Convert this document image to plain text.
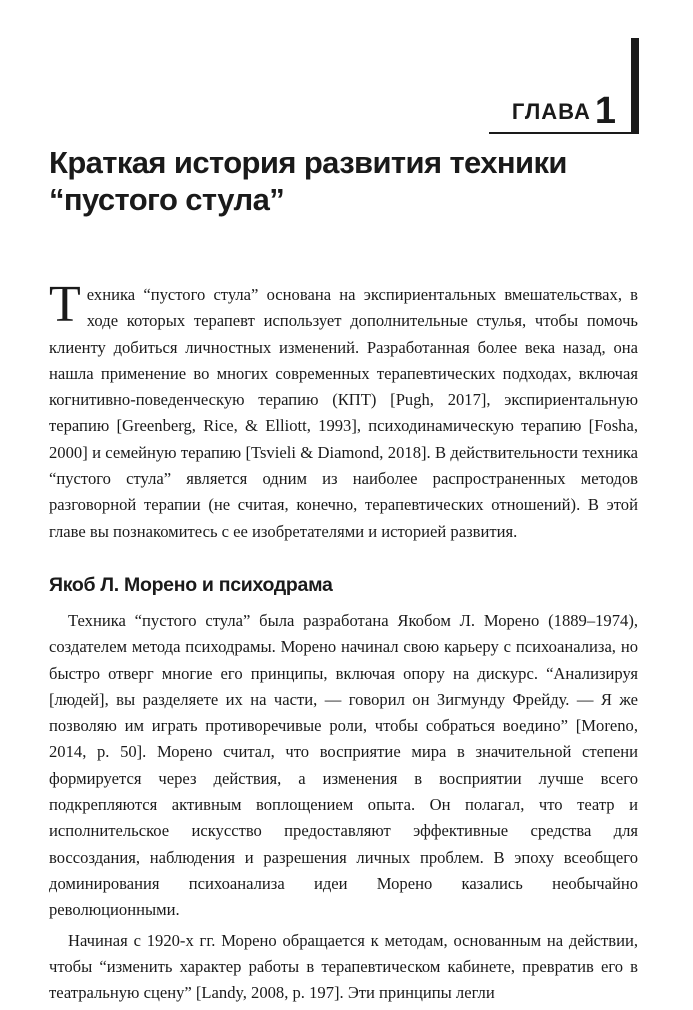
ГЛАВА 1
Краткая история развития техники “пустого стула”
Техника “пустого стула” основана на экспириентальных вмешательствах, в ходе которых терапевт использует дополнительные стулья, чтобы помочь клиенту добиться личностных изменений. Разработанная более века назад, она нашла применение во многих современных терапевтических подходах, включая когнитивно-поведенческую терапию (КПТ) [Pugh, 2017], экспириентальную терапию [Greenberg, Rice, & Elliott, 1993], психодинамическую терапию [Fosha, 2000] и семейную терапию [Tsvieli & Diamond, 2018]. В действительности техника “пустого стула” является одним из наиболее распространенных методов разговорной терапии (не считая, конечно, терапевтических отношений). В этой главе вы познакомитесь с ее изобретателями и историей развития.
Якоб Л. Морено и психодрама

Техника “пустого стула” была разработана Якобом Л. Морено (1889–1974), создателем метода психодрамы. Морено начинал свою карьеру с психоанализа, но быстро отверг многие его принципы, включая опору на дискурс. “Анализируя [людей], вы разделяете их на части, — говорил он Зигмунду Фрейду. — Я же позволяю им играть противоречивые роли, чтобы собраться воедино” [Moreno, 2014, p. 50]. Морено считал, что восприятие мира в значительной степени формируется через действия, а изменения в восприятии лучше всего подкрепляются активным воплощением опыта. Он полагал, что театр и исполнительское искусство предоставляют эффективные средства для воссоздания, наблюдения и разрешения личных проблем. В эпоху всеобщего доминирования психоанализа идеи Морено казались необычайно революционными.

Начиная с 1920-х гг. Морено обращается к методам, основанным на действии, чтобы “изменить характер работы в терапевтическом кабинете, превратив его в театральную сцену” [Landy, 2008, p. 197]. Эти принципы легли
